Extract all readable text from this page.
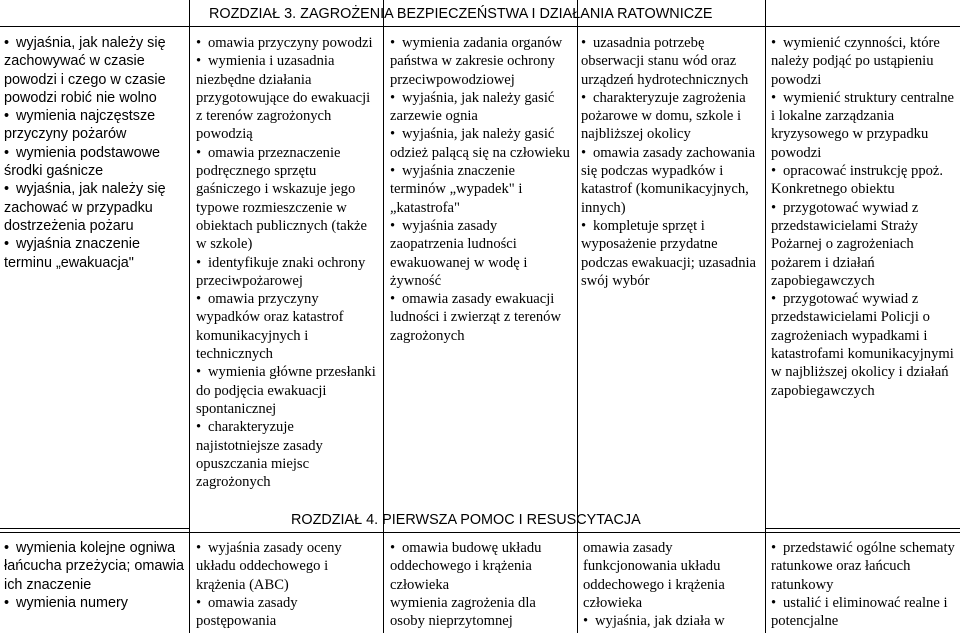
ROZDZIAŁ 3. ZAGROŻENIA BEZPIECZEŃSTWA I DZIAŁANIA RATOWNICZE
ROZDZIAŁ 4. PIERWSZA POMOC I RESUSCYTACJA

• wyjaśnia, jak należy się zachowywać w czasie powodzi i czego w czasie powodzi robić nie wolno

• wymienia najczęstsze przyczyny pożarów

• wymienia podstawowe środki gaśnicze

• wyjaśnia, jak należy się zachować w przypadku dostrzeżenia pożaru

• wyjaśnia znaczenie terminu „ewakuacja"

• omawia przyczyny powodzi

• wymienia i uzasadnia niezbędne działania przygotowujące do ewakuacji z terenów zagrożonych powodzią

• omawia przeznaczenie podręcznego sprzętu gaśniczego i wskazuje jego typowe rozmieszczenie w obiektach publicznych (także w szkole)

• identyfikuje znaki ochrony przeciwpożarowej

• omawia przyczyny wypadków oraz katastrof komunikacyjnych i technicznych

• wymienia główne przesłanki do podjęcia ewakuacji spontanicznej

• charakteryzuje najistotniejsze zasady opuszczania miejsc zagrożonych

• wymienia zadania organów państwa w zakresie ochrony przeciwpowodziowej

• wyjaśnia, jak należy gasić zarzewie ognia

• wyjaśnia, jak należy gasić odzież palącą się na człowieku

• wyjaśnia znaczenie terminów „wypadek" i „katastrofa"

• wyjaśnia zasady zaopatrzenia ludności ewakuowanej w wodę i żywność

• omawia zasady ewakuacji ludności i zwierząt z terenów zagrożonych

• uzasadnia potrzebę obserwacji stanu wód oraz urządzeń hydrotechnicznych

• charakteryzuje zagrożenia pożarowe w domu, szkole i najbliższej okolicy

• omawia zasady zachowania się podczas wypadków i katastrof (komunikacyjnych, innych)

• kompletuje sprzęt i wyposażenie przydatne podczas ewakuacji; uzasadnia swój wybór

• wymienić czynności, które należy podjąć po ustąpieniu powodzi

• wymienić struktury centralne i lokalne zarządzania kryzysowego w przypadku powodzi

• opracować instrukcję ppoż. Konkretnego obiektu

• przygotować wywiad z przedstawicielami Straży Pożarnej o zagrożeniach pożarem i działań zapobiegawczych

• przygotować wywiad z przedstawicielami Policji o zagrożeniach wypadkami i katastrofami komunikacyjnymi w najbliższej okolicy i działań zapobiegawczych

• wymienia kolejne ogniwa łańcucha przeżycia; omawia ich znaczenie

• wymienia numery

• wyjaśnia zasady oceny układu oddechowego i krążenia (ABC)

• omawia zasady postępowania

• omawia budowę układu oddechowego i krążenia człowieka

wymienia zagrożenia dla osoby nieprzytomnej

omawia zasady funkcjonowania układu oddechowego i krążenia człowieka

• wyjaśnia, jak działa w

• przedstawić ogólne schematy ratunkowe oraz łańcuch ratunkowy

• ustalić i eliminować realne i potencjalne
